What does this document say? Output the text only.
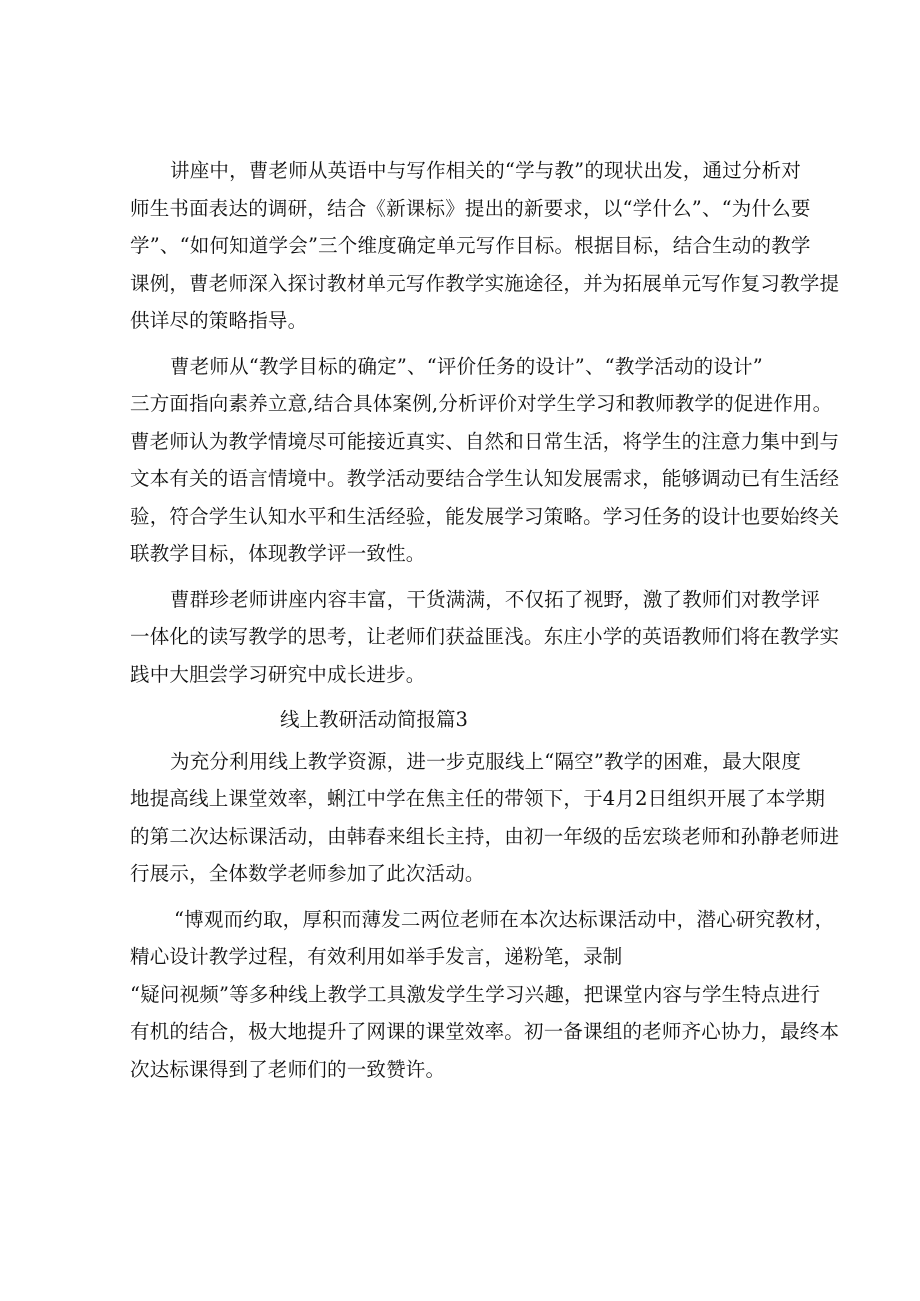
讲座中，曹老师从英语中与写作相关的“学与教”的现状出发，通过分析对
师生书面表达的调研，结合《新课标》提出的新要求，以“学什么”、“为什么要
学”、“如何知道学会”三个维度确定单元写作目标。根据目标，结合生动的教学
课例，曹老师深入探讨教材单元写作教学实施途径，并为拓展单元写作复习教学提
供详尽的策略指导。

曹老师从“教学目标的确定”、“评价任务的设计”、“教学活动的设计”
三方面指向素养立意,结合具体案例,分析评价对学生学习和教师教学的促进作用。
曹老师认为教学情境尽可能接近真实、自然和日常生活，将学生的注意力集中到与
文本有关的语言情境中。教学活动要结合学生认知发展需求，能够调动已有生活经
验，符合学生认知水平和生活经验，能发展学习策略。学习任务的设计也要始终关
联教学目标，体现教学评一致性。

曹群珍老师讲座内容丰富，干货满满，不仅拓了视野，激了教师们对教学评
一体化的读写教学的思考，让老师们获益匪浅。东庄小学的英语教师们将在教学实
践中大胆尝学习研究中成长进步。

线上教研活动简报篇3

为充分利用线上教学资源，进一步克服线上“隔空”教学的困难，最大限度
地提高线上课堂效率，蜊江中学在焦主任的带领下，于4月2日组织开展了本学期
的第二次达标课活动，由韩春来组长主持，由初一年级的岳宏琰老师和孙静老师进
行展示，全体数学老师参加了此次活动。

“博观而约取，厚积而薄发二两位老师在本次达标课活动中，潜心研究教材，
精心设计教学过程，有效利用如举手发言，递粉笔，录制
“疑问视频”等多种线上教学工具激发学生学习兴趣，把课堂内容与学生特点进行
有机的结合，极大地提升了网课的课堂效率。初一备课组的老师齐心协力，最终本
次达标课得到了老师们的一致赞许。
